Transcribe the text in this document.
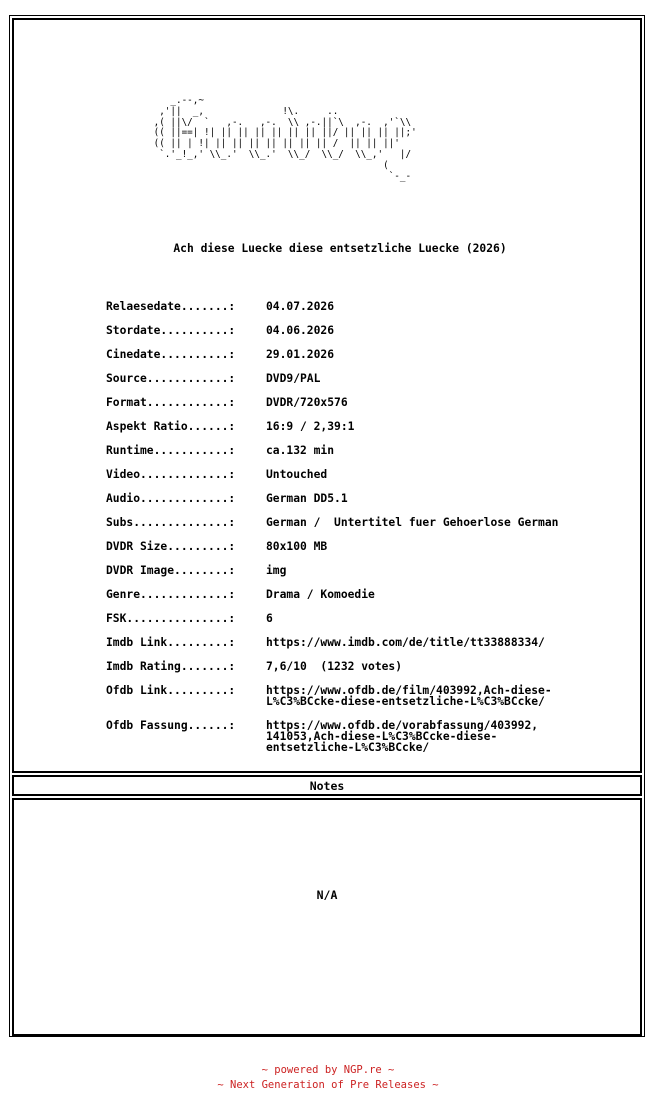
_.--,~
,'||  _,              !\.     ..
,( ||\/  `   ,-.   ,-.  \\ ,-.||`\  ,-.  ,'`\\
(( ||==| !| || || || || || || ||/ || || || ||;'
(( || | !| || || || || || || || /  || || ||'
`.'_!_,' \\_.'  \\_.'  \\_/  \\_/  \\_,'   |/
(
`-_-
Ach diese Luecke diese entsetzliche Luecke (2026)
Relaesedate.......:	04.07.2026
Stordate..........:	04.06.2026
Cinedate..........:	29.01.2026
Source............:	DVD9/PAL
Format............:	DVDR/720x576
Aspekt Ratio......:	16:9 / 2,39:1
Runtime...........:	ca.132 min
Video.............:	Untouched
Audio.............:	German DD5.1
Subs..............:	German /  Untertitel fuer Gehoerlose German
DVDR Size.........:	80x100 MB
DVDR Image........:	img
Genre.............:	Drama / Komoedie
FSK...............:	6
Imdb Link.........:	https://www.imdb.com/de/title/tt33888334/
Imdb Rating.......:	7,6/10  (1232 votes)
Ofdb Link.........:	https://www.ofdb.de/film/403992,Ach-diese-
L%C3%BCcke-diese-entsetzliche-L%C3%BCcke/
Ofdb Fassung......:	https://www.ofdb.de/vorabfassung/403992,
141053,Ach-diese-L%C3%BCcke-diese-
entsetzliche-L%C3%BCcke/
Notes
N/A
~ powered by NGP.re ~
~ Next Generation of Pre Releases ~
